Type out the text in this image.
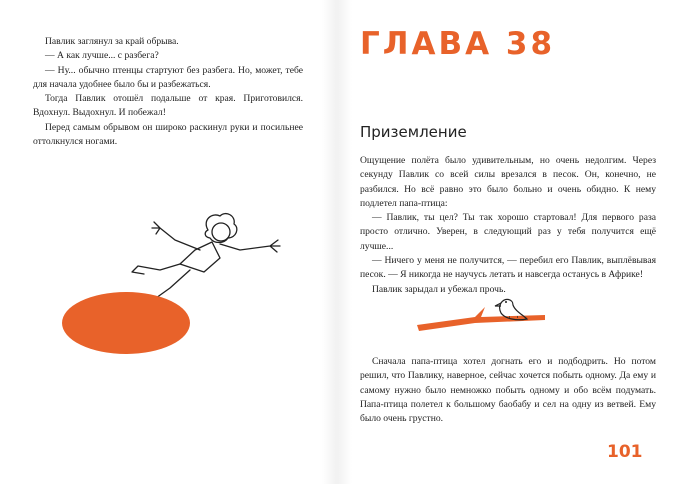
Павлик заглянул за край обрыва.

— А как лучше... с разбега?

— Ну... обычно птенцы стартуют без разбега. Но, может, тебе для начала удобнее было бы и разбежаться.

Тогда Павлик отошёл подальше от края. Приготовился. Вдохнул. Выдохнул. И побежал!

Перед самым обрывом он широко раскинул руки и посильнее оттолкнулся ногами.

ГЛАВА 38
Приземление

Ощущение полёта было удивительным, но очень недолгим. Через секунду Павлик со всей силы врезался в песок. Он, конечно, не разбился. Но всё равно это было больно и очень обидно. К нему подлетел папа-птица:

— Павлик, ты цел? Ты так хорошо стартовал! Для первого раза просто отлично. Уверен, в следующий раз у тебя получится ещё лучше...

— Ничего у меня не получится, — перебил его Павлик, выплёвывая песок. — Я никогда не научусь летать и навсегда останусь в Африке!

Павлик зарыдал и убежал прочь.

Сначала папа-птица хотел догнать его и подбодрить. Но потом решил, что Павлику, наверное, сейчас хочется побыть одному. Да ему и самому нужно было немножко побыть одному и обо всём подумать. Папа-птица полетел к большому баобабу и сел на одну из ветвей. Ему было очень грустно.

101
